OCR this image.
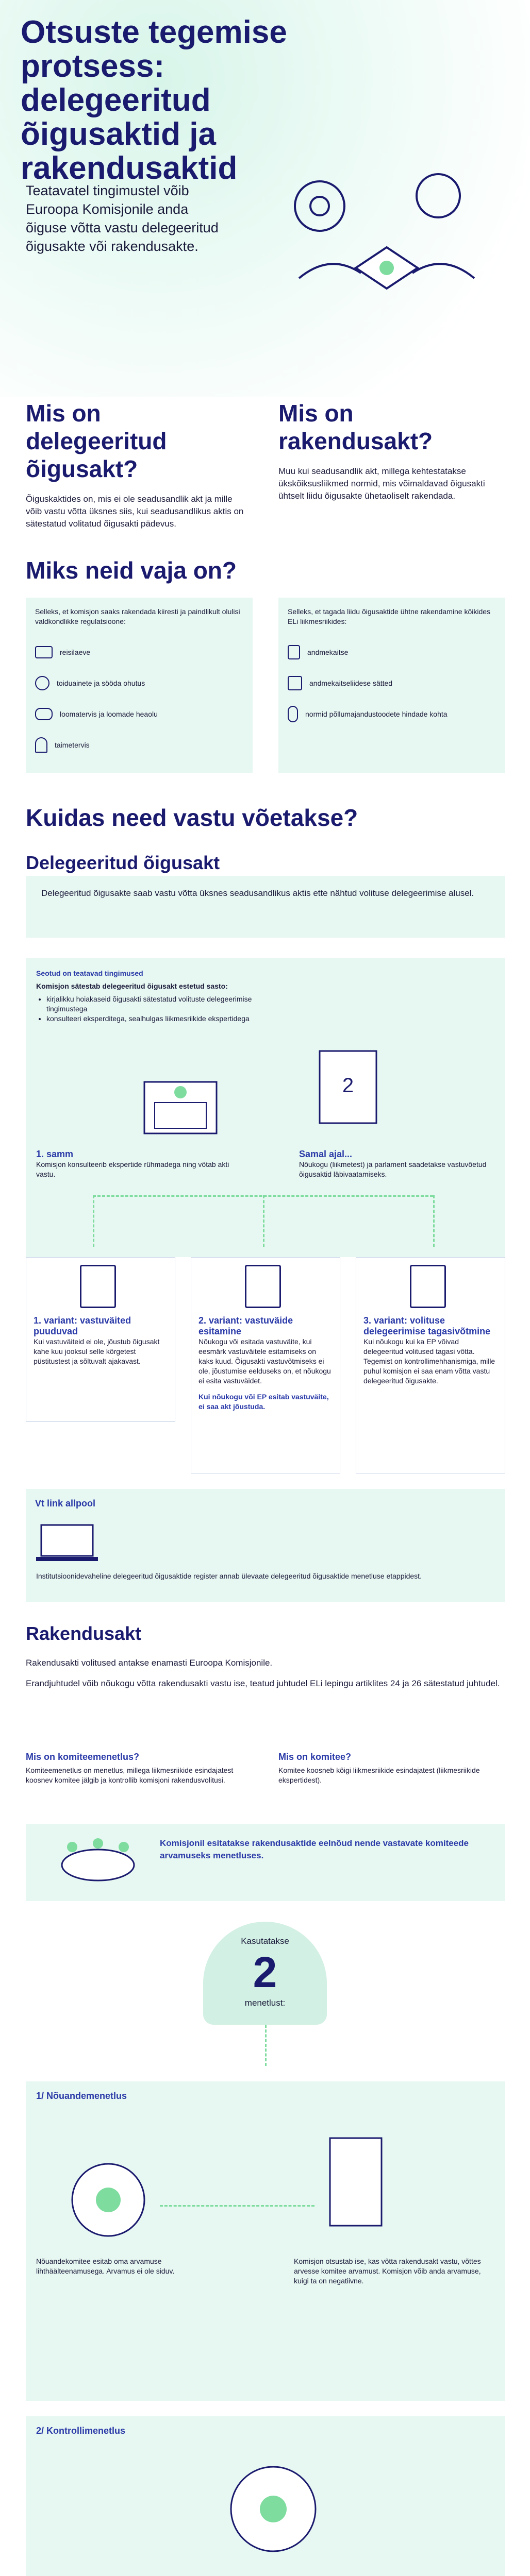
Otsuste tegemise protsess: delegeeritud õigusaktid ja rakendusaktid

Teatavatel tingimustel võib Euroopa Komisjonile anda õiguse võtta vastu delegeeritud õigusakte või rakendusakte.

Mis on delegeeritud õigusakt?

Õiguskaktides on, mis ei ole seadusandlik akt ja mille võib vastu võtta üksnes siis, kui seadusandlikus aktis on sätestatud volitatud õigusakti pädevus.

Mis on rakendusakt?

Muu kui seadusandlik akt, millega kehtestatakse ükskõiksusliikmed normid, mis võimaldavad õigusakti ühtselt liidu õigusakte ühetaoliselt rakendada.

Miks neid vaja on?

Selleks, et komisjon saaks rakendada kiiresti ja paindlikult olulisi valdkondlikke regulatsioone:

reisilaeve
toiduainete ja sööda ohutus
loomatervis ja loomade heaolu
taimetervis

Selleks, et tagada liidu õigusaktide ühtne rakendamine kõikides ELi liikmesriikides:

andmekaitse
andmekaitseliidese sätted
normid põllumajandustoodete hindade kohta
Kuidas need vastu võetakse?
Delegeeritud õigusakt

Delegeeritud õigusakte saab vastu võtta üksnes seadusandlikus aktis ette nähtud volituse delegeerimise alusel.

Seotud on teatavad tingimused
Komisjon sätestab delegeeritud õigusakt estetud sasto:
• kirjalikku hoiakaseid õigusakti sätestatud volituste delegeerimise tingimustega
• konsulteeri eksperditega, sealhulgas liikmesriikide ekspertidega
2
1. samm

Komisjon konsulteerib ekspertide rühmadega ning võtab akti vastu.

Samal ajal...

Nõukogu (liikmetest) ja parlament saadetakse vastuvõetud õigusaktid läbivaatamiseks.

1. variant: vastuväited puuduvad

Kui vastuväiteid ei ole, jõustub õigusakt kahe kuu jooksul selle kõrgetest püstitustest ja sõltuvalt ajakavast.

2. variant: vastuväide esitamine

Nõukogu või esitada vastuväite, kui eesmärk vastuväitele esitamiseks on kaks kuud. Õigusakti vastuvõtmiseks ei ole, jõustumise eelduseks on, et nõukogu ei esita vastuväidet.

Kui nõukogu või EP esitab vastuväite, ei saa akt jõustuda.

3. variant: volituse delegeerimise tagasivõtmine

Kui nõukogu kui ka EP võivad delegeeritud volitused tagasi võtta. Tegemist on kontrollimehhanismiga, mille puhul komisjon ei saa enam võtta vastu delegeeritud õigusakte.

Vt link allpool

Institutsioonidevaheline delegeeritud õigusaktide register annab ülevaate delegeeritud õigusaktide menetluse etappidest.

Rakendusakt

Rakendusakti volitused antakse enamasti Euroopa Komisjonile.

Erandjuhtudel võib nõukogu võtta rakendusakti vastu ise, teatud juhtudel ELi lepingu artiklites 24 ja 26 sätestatud juhtudel.

Mis on komiteemenetlus?

Komiteemenetlus on menetlus, millega liikmesriikide esindajatest koosnev komitee jälgib ja kontrollib komisjoni rakendusvolitusi.

Mis on komitee?

Komitee koosneb kõigi liikmesriikide esindajatest (liikmesriikide ekspertidest).

Komisjonil esitatakse rakendusaktide eelnõud nende vastavate komiteede arvamuseks menetluses.

Kasutatakse
2
menetlust:
1/ Nõuandemenetlus

Nõuandekomitee esitab oma arvamuse lihthäälteenamusega. Arvamus ei ole siduv.

Komisjon otsustab ise, kas võtta rakendusakt vastu, võttes arvesse komitee arvamust. Komisjon võib anda arvamuse, kuigi ta on negatiivne.

2/ Kontrollimenetlus
